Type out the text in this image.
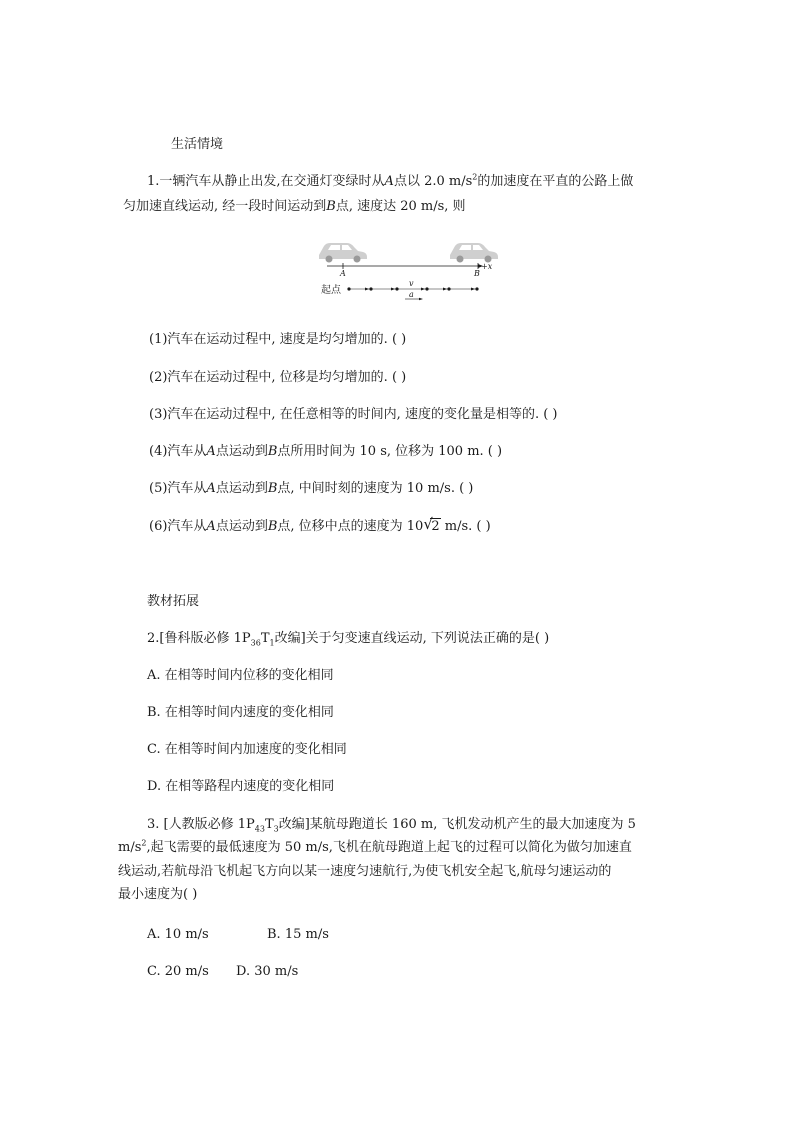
生活情境
1.一辆汽车从静止出发,在交通灯变绿时从A点以 2.0 $m/s^2$的加速度在平直的公路上做
匀加速直线运动, 经一段时间运动到B点, 速度达 20 m/s, 则
A	B
+x
起点
v
a
(1)汽车在运动过程中, 速度是均匀增加的. ( )
(2)汽车在运动过程中, 位移是均匀增加的. ( )
(3)汽车在运动过程中, 在任意相等的时间内, 速度的变化量是相等的. ( )
(4)汽车从A点运动到B点所用时间为 10 s, 位移为 100 m. ( )
(5)汽车从A点运动到B点, 中间时刻的速度为 10 m/s. ( )
(6)汽车从A点运动到B点, 位移中点的速度为 10 √
2 m/s. ( )
教材拓展
2.[鲁科版必修 $1P_{36}T_1$改编]关于匀变速直线运动, 下列说法正确的是( )
A. 在相等时间内位移的变化相同
B. 在相等时间内速度的变化相同
C. 在相等时间内加速度的变化相同
D. 在相等路程内速度的变化相同
3. [人教版必修 $1P_{43}T_3$改编]某航母跑道长 160 m, 飞机发动机产生的最大加速度为 5
$m/s^2$,起飞需要的最低速度为 50 m/s,飞机在航母跑道上起飞的过程可以简化为做匀加速直
线运动,若航母沿飞机起飞方向以某一速度匀速航行,为使飞机安全起飞,航母匀速运动的
最小速度为( )
A. 10 m/s	B. 15 m/s
C. 20 m/s D. 30 m/s
